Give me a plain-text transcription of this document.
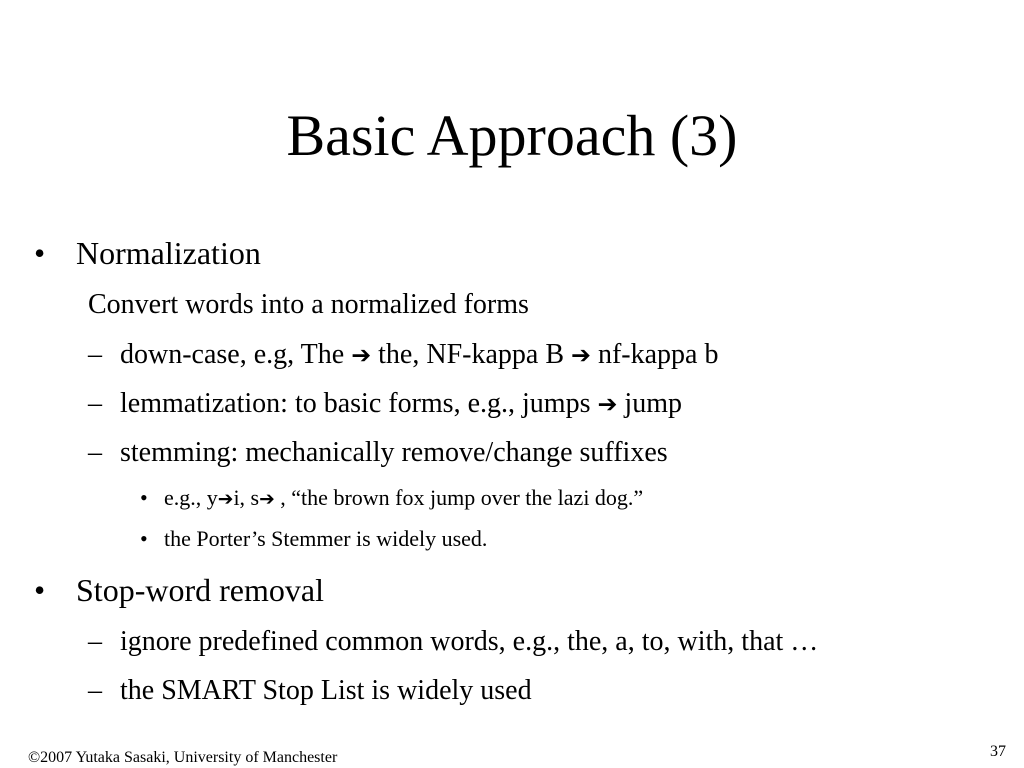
Basic Approach (3)
• Normalization
Convert words into a normalized forms
– down-case, e.g, The ➔ the, NF-kappa B ➔ nf-kappa b
– lemmatization: to basic forms, e.g., jumps ➔ jump
– stemming: mechanically remove/change suffixes
• e.g., y➔i, s➔ , “the brown fox jump over the lazi dog.”
• the Porter’s Stemmer is widely used.
• Stop-word removal
– ignore predefined common words, e.g., the, a, to, with, that …
– the SMART Stop List is widely used
©2007 Yutaka Sasaki, University of Manchester	37
